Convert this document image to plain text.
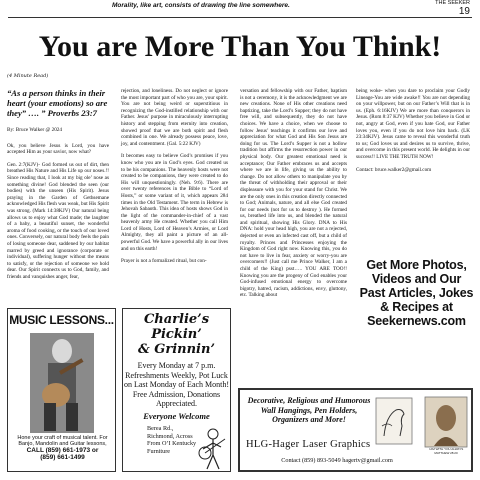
Morality, like art, consists of drawing the line somewhere.	THE SEEKER
19
You are More Than You Think!
(4 Minute Read)
“As a person thinks in their heart (your emotions) so are they” …. ” Proverbs 23:7
By: Bruce Walker @ 2024

Ok, you believe Jesus is Lord, you have accepted Him as your savior, now what?

Gen. 2:7(KJV)- God formed us out of dirt, then breathed His Nature and His Life up our noses.!! Since reading that, I look at my big ole’ nose as something divine! God blended the seen (our bodies) with the unseen (His Spirit). Jesus praying in the Garden of Gethsemane acknowledged His flesh was weak, but His Spirit was strong. (Mark 14:38KJV) Our natural being allows us to enjoy what God made; the laughter of a baby, a beautiful sunset, the wonderful aroma of food cooking, or the touch of our loved ones. Conversely, our natural body feels the pain of losing someone dear, saddened by our habitat marred by greed and ignorance (corporate or individual), suffering hunger without the means to satisfy, or the rejection of someone we hold dear. Our Spirit connects us to God, family, and friends and vanquishes anger, fear,

rejection, and loneliness. Do not neglect or ignore the most important part of who you are, your spirit. You are not being weird or superstitious in recognizing the God-instilled relationship with our Father. Jesus’ purpose in miraculously interrupting history and stepping from eternity into creation, showed proof that we are both spirit and flesh combined in one. We already possess peace, love, joy, and contentment. (Gal. 5:22 KJV)

It becomes easy to believe God’s promises if you know who you are in God’s eyes. God created us to be his companions. The heavenly hosts were not created to be companions, they were created to do His will unquestioningly. (Neh. 9:6). There are over twenty references in the Bible to “Lord of Hosts,” or some variant of it, which appears 284 times in the Old Testament. The term in Hebrew is Jehovah Sabaoth. This idea of hosts shows God in the light of the commander-in-chief of a vast heavenly army He created. Whether you call Him Lord of Hosts, Lord of Heaven’s Armies, or Lord Almighty, they all paint a picture of an all-powerful God. We have a powerful ally in our lives and on this earth!

Prayer is not a formalized ritual, but con-

versation and fellowship with our Father, baptism is not a ceremony, it is the acknowledgment we are new creations. None of His other creations need baptizing, take the Lord’s Supper; they do not have free will, and subsequently, they do not have choices. We have a choice, when we choose to follow Jesus’ teachings it confirms our love and appreciation for what God and His Son Jesus are doing for us. The Lord’s Supper is not a hollow tradition but affirms the resurrection power in our physical body. Our greatest emotional need is acceptance; Our Father embraces us and accepts where we are in life, giving us the ability to change. Do not allow others to manipulate you by the threat of withholding their approval or their displeasure with you for your stand for Christ. We are the only ones in this creation directly connected to God; Animals, nature, and all else God created for our needs (not for us to destroy ). He formed us, breathed life into us, and blended the natural and spiritual, showing His Glory. DNA to His DNA: hold your head high, you are not a rejected, dejected or even an infected cast off, but a child of royalty. Princes and Princesses enjoying the Kingdom of God right now. Knowing this, you do not have to live in fear, anxiety or worry-you are overcomers!! (Just call me Prince Walker, I am a child of the King) psst….. YOU ARE TOO!! Knowing you are the progeny of God enables your God-infused emotional energy to overcome bigotry, hatred, racism, addictions, envy, gluttony, etc. Talking about

being woke- when you dare to proclaim your Godly Lineage-You are wide awake!! You are not depending on your willpower, but on our Father’s Will that is in us. (Eph. 6:16KJV) We are more than conquerors in Jesus. (Rom 8:37 KJV) Whether you believe in God or not, angry at God, even if you hate God, our Father loves you, even if you do not love him back. (LK 23:34KJV). Jesus came to reveal this wonderful truth to us; God loves us and desires us to survive, thrive, and overcome in this present world. He delights in our success!! LIVE THE TRUTH NOW!

Contact: bruce.walker2@gmail.com

Get More Photos, Videos and Our Past Articles, Jokes & Recipes at Seekernews.com
MUSIC LESSONS...
Hone your craft of musical talent. For Banjo, Mandolin and Guitar lessons,
CALL (859) 661-1973 or
(859) 661-1499
Charlie’s Pickin’
& Grinnin’
Every Monday at 7 p.m. Refreshments Weekly, Pot Luck on Last Monday of Each Month! Free Admission, Donations Appreciated.
Everyone Welcome
Berea Rd.,
Richmond, Across
From O’I Kentucky
Furniture
Decorative, Religious and Humorous Wall Hangings, Pen Holders, Organizers and More!
HLG-Hager Laser Graphics
Contact (859) 893-5049 hagertv@gmail.com
I AM WITH YOU ALWAYS MATTHEW 28:20
